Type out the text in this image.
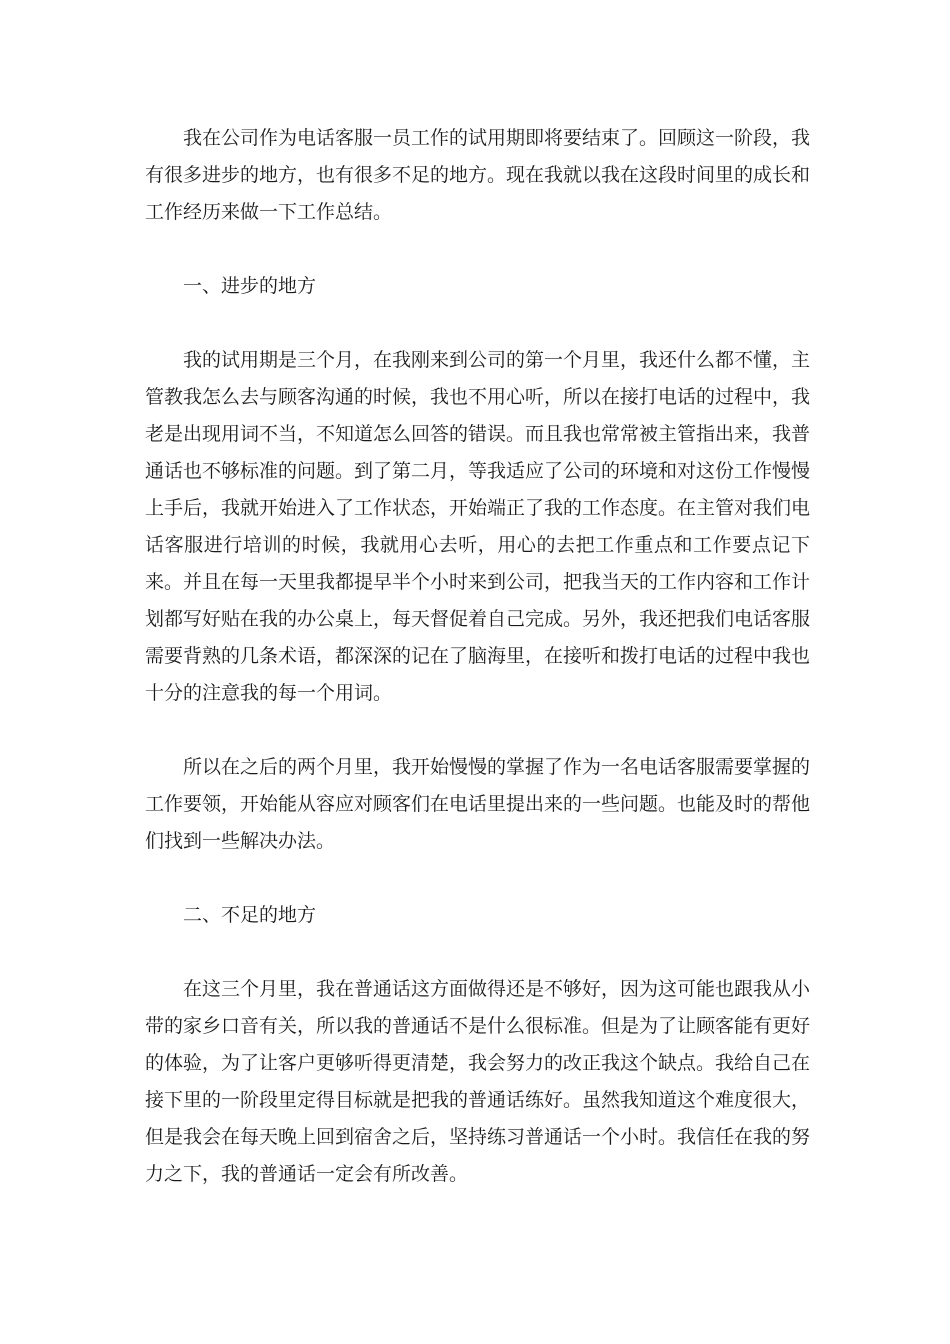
我在公司作为电话客服一员工作的试用期即将要结束了。回顾这一阶段，我有很多进步的地方，也有很多不足的地方。现在我就以我在这段时间里的成长和工作经历来做一下工作总结。

一、进步的地方

我的试用期是三个月，在我刚来到公司的第一个月里，我还什么都不懂，主管教我怎么去与顾客沟通的时候，我也不用心听，所以在接打电话的过程中，我老是出现用词不当，不知道怎么回答的错误。而且我也常常被主管指出来，我普通话也不够标准的问题。到了第二月，等我适应了公司的环境和对这份工作慢慢上手后，我就开始进入了工作状态，开始端正了我的工作态度。在主管对我们电话客服进行培训的时候，我就用心去听，用心的去把工作重点和工作要点记下来。并且在每一天里我都提早半个小时来到公司，把我当天的工作内容和工作计划都写好贴在我的办公桌上，每天督促着自己完成。另外，我还把我们电话客服需要背熟的几条术语，都深深的记在了脑海里，在接听和拨打电话的过程中我也十分的注意我的每一个用词。

所以在之后的两个月里，我开始慢慢的掌握了作为一名电话客服需要掌握的工作要领，开始能从容应对顾客们在电话里提出来的一些问题。也能及时的帮他们找到一些解决办法。

二、不足的地方

在这三个月里，我在普通话这方面做得还是不够好，因为这可能也跟我从小带的家乡口音有关，所以我的普通话不是什么很标准。但是为了让顾客能有更好的体验，为了让客户更够听得更清楚，我会努力的改正我这个缺点。我给自己在接下里的一阶段里定得目标就是把我的普通话练好。虽然我知道这个难度很大，但是我会在每天晚上回到宿舍之后，坚持练习普通话一个小时。我信任在我的努力之下，我的普通话一定会有所改善。
